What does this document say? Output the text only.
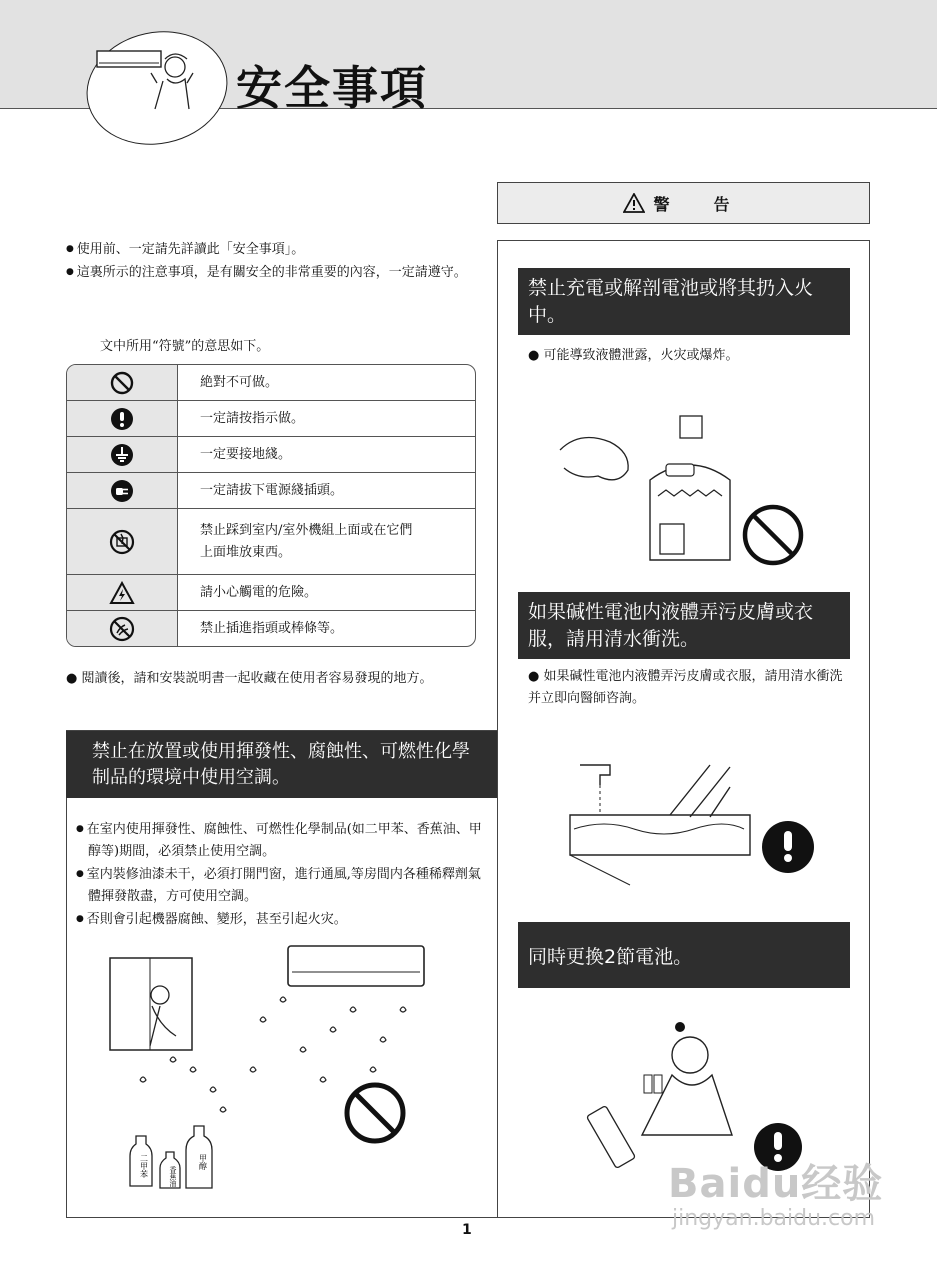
安全事項
警　告

● 使用前、一定請先詳讀此「安全事項」。

● 這裏所示的注意事項，是有關安全的非常重要的內容，一定請遵守。

文中所用“符號”的意思如下。
絶對不可做。
一定請按指示做。
一定要接地綫。
一定請拔下電源綫插頭。
禁止踩到室内/室外機組上面或在它們
上面堆放東西。
請小心觸電的危險。
禁止插進指頭或棒條等。
● 閲讀後，請和安裝説明書一起收藏在使用者容易發現的地方。
禁止在放置或使用揮發性、腐蝕性、可燃性化學制品的環境中使用空調。

● 在室内使用揮發性、腐蝕性、可燃性化學制品(如二甲苯、香蕉油、甲醇等)期間，必須禁止使用空調。

● 室内裝修油漆未干，必須打開門窗，進行通風,等房間内各種稀釋劑氣體揮發散盡，方可使用空調。

● 否則會引起機器腐蝕、變形，甚至引起火灾。

二甲苯	香蕉油
甲醇
禁止充電或解剖電池或將其扔入火中。
● 可能導致液體泄露，火灾或爆炸。
如果碱性電池内液體弄污皮膚或衣服，請用清水衝洗。
● 如果碱性電池内液體弄污皮膚或衣服，請用清水衝洗并立即向醫師咨詢。
同時更換2節電池。
1
Baidu经验
jingyan.baidu.com
